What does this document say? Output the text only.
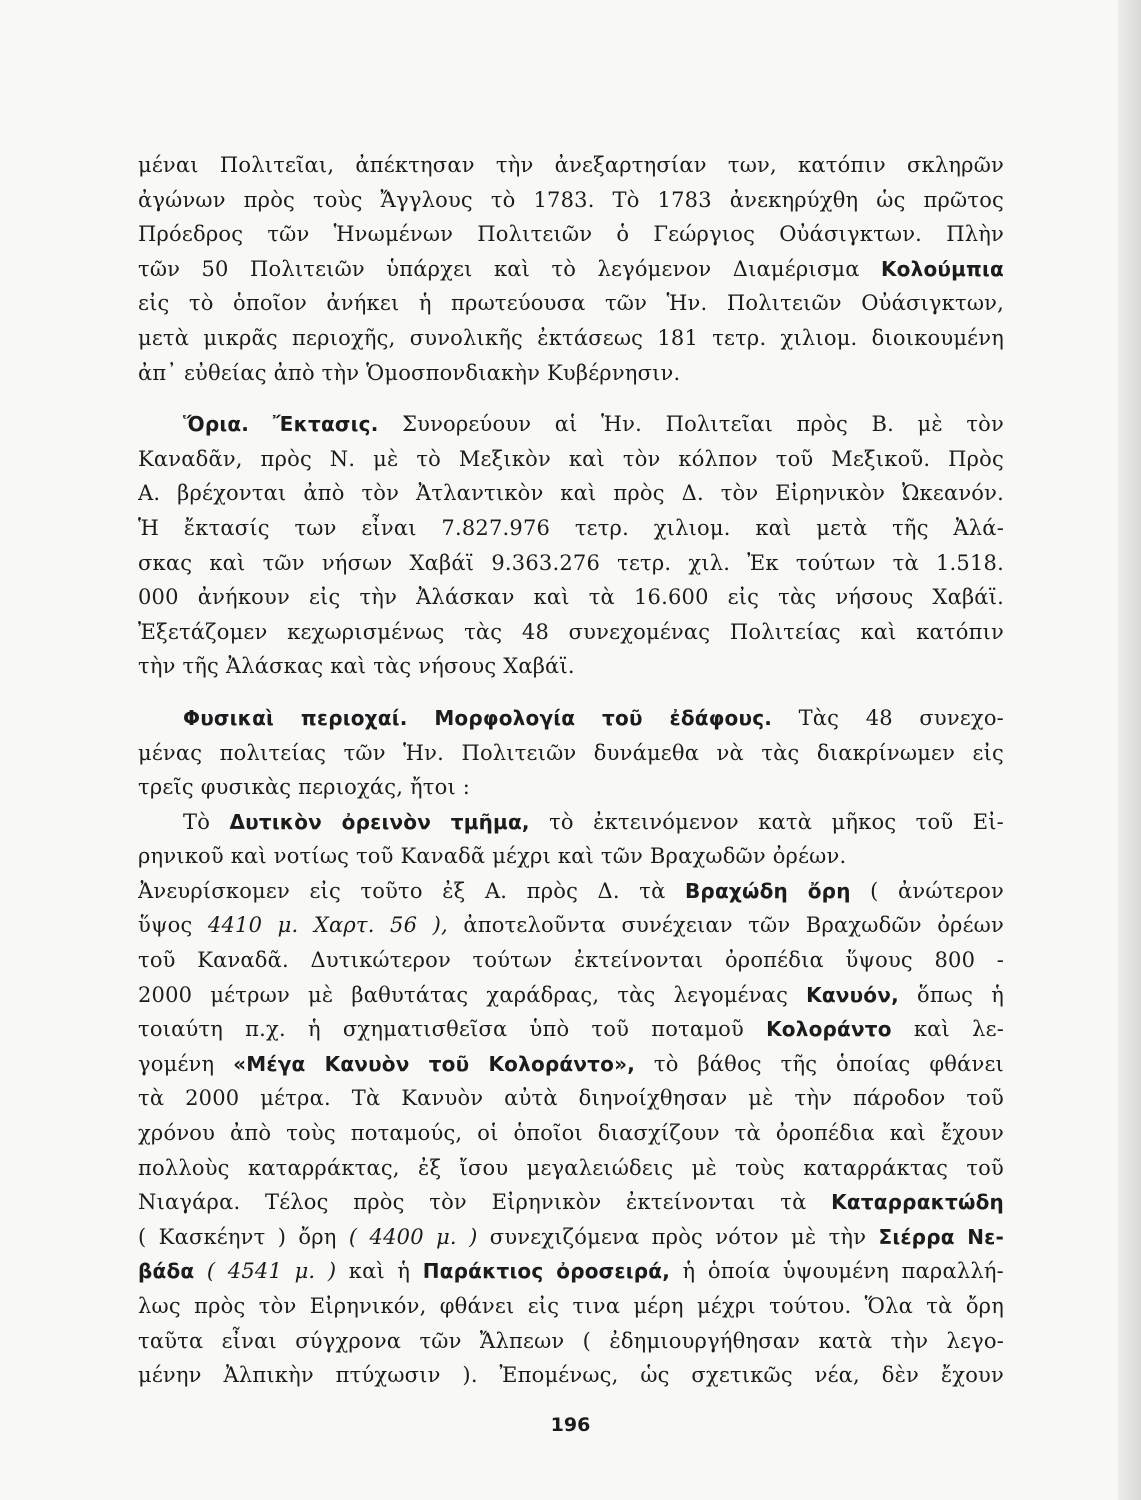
μέναι Πολιτεῖαι, ἀπέκτησαν τὴν ἀνεξαρτησίαν των, κατόπιν σκληρῶν
ἀγώνων πρὸς τοὺς Ἄγγλους τὸ 1783. Τὸ 1783 ἀνεκηρύχθη ὡς πρῶτος
Πρόεδρος τῶν Ἡνωμένων Πολιτειῶν ὁ Γεώργιος Οὐάσιγκτων. Πλὴν
τῶν 50 Πολιτειῶν ὑπάρχει καὶ τὸ λεγόμενον Διαμέρισμα Κολούμπια
εἰς τὸ ὁποῖον ἀνήκει ἡ πρωτεύουσα τῶν Ἡν. Πολιτειῶν Οὐάσιγκτων,
μετὰ μικρᾶς περιοχῆς, συνολικῆς ἐκτάσεως 181 τετρ. χιλιομ. διοικουμένη
ἀπ᾽ εὐθείας ἀπὸ τὴν Ὁμοσπονδιακὴν Κυβέρνησιν.
Ὅρια. Ἔκτασις. Συνορεύουν αἱ Ἡν. Πολιτεῖαι πρὸς Β. μὲ τὸν
Καναδᾶν, πρὸς Ν. μὲ τὸ Μεξικὸν καὶ τὸν κόλπον τοῦ Μεξικοῦ. Πρὸς
Α. βρέχονται ἀπὸ τὸν Ἀτλαντικὸν καὶ πρὸς Δ. τὸν Εἰρηνικὸν Ὠκεανόν.
Ἡ ἔκτασίς των εἶναι 7.827.976 τετρ. χιλιομ. καὶ μετὰ τῆς Ἀλά-
σκας καὶ τῶν νήσων Χαβάϊ 9.363.276 τετρ. χιλ. Ἐκ τούτων τὰ 1.518.
000 ἀνήκουν εἰς τὴν Ἀλάσκαν καὶ τὰ 16.600 εἰς τὰς νήσους Χαβάϊ.
Ἐξετάζομεν κεχωρισμένως τὰς 48 συνεχομένας Πολιτείας καὶ κατόπιν
τὴν τῆς Ἀλάσκας καὶ τὰς νήσους Χαβάϊ.
Φυσικαὶ περιοχαί. Μορφολογία τοῦ ἐδάφους. Τὰς 48 συνεχο-
μένας πολιτείας τῶν Ἡν. Πολιτειῶν δυνάμεθα νὰ τὰς διακρίνωμεν εἰς
τρεῖς φυσικὰς περιοχάς, ἤτοι :
Τὸ Δυτικὸν ὀρεινὸν τμῆμα, τὸ ἐκτεινόμενον κατὰ μῆκος τοῦ Εἰ-
ρηνικοῦ καὶ νοτίως τοῦ Καναδᾶ μέχρι καὶ τῶν Βραχωδῶν ὀρέων.
Ἀνευρίσκομεν εἰς τοῦτο ἐξ Α. πρὸς Δ. τὰ Βραχώδη ὄρη ( ἀνώτερον
ὕψος 4410 μ. Χαρτ. 56 ), ἀποτελοῦντα συνέχειαν τῶν Βραχωδῶν ὀρέων
τοῦ Καναδᾶ. Δυτικώτερον τούτων ἐκτείνονται ὀροπέδια ὕψους 800 -
2000 μέτρων μὲ βαθυτάτας χαράδρας, τὰς λεγομένας Κανυόν, ὅπως ἡ
τοιαύτη π.χ. ἡ σχηματισθεῖσα ὑπὸ τοῦ ποταμοῦ Κολοράντο καὶ λε-
γομένη «Μέγα Κανυὸν τοῦ Κολοράντο», τὸ βάθος τῆς ὁποίας φθάνει
τὰ 2000 μέτρα. Τὰ Κανυὸν αὐτὰ διηνοίχθησαν μὲ τὴν πάροδον τοῦ
χρόνου ἀπὸ τοὺς ποταμούς, οἱ ὁποῖοι διασχίζουν τὰ ὀροπέδια καὶ ἔχουν
πολλοὺς καταρράκτας, ἐξ ἴσου μεγαλειώδεις μὲ τοὺς καταρράκτας τοῦ
Νιαγάρα. Τέλος πρὸς τὸν Εἰρηνικὸν ἐκτείνονται τὰ Καταρρακτώδη
( Κασκέηντ ) ὄρη ( 4400 μ. ) συνεχιζόμενα πρὸς νότον μὲ τὴν Σιέρρα Νε-
βάδα ( 4541 μ. ) καὶ ἡ Παράκτιος ὀροσειρά, ἡ ὁποία ὑψουμένη παραλλή-
λως πρὸς τὸν Εἰρηνικόν, φθάνει εἰς τινα μέρη μέχρι τούτου. Ὅλα τὰ ὄρη
ταῦτα εἶναι σύγχρονα τῶν Ἄλπεων ( ἐδημιουργήθησαν κατὰ τὴν λεγο-
μένην Ἀλπικὴν πτύχωσιν ). Ἐπομένως, ὡς σχετικῶς νέα, δὲν ἔχουν
196
